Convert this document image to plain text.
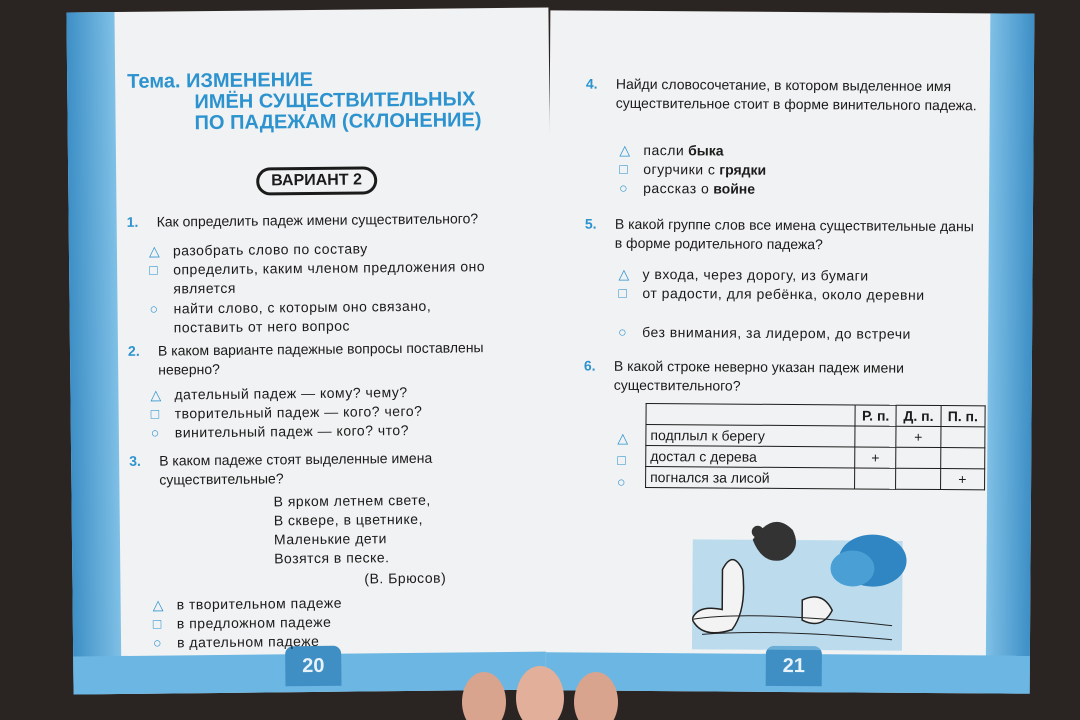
20
Тема. ИЗМЕНЕНИЕ
ИМЁН СУЩЕСТВИТЕЛЬНЫХ
ПО ПАДЕЖАМ (СКЛОНЕНИЕ)
ВАРИАНТ 2
1. Как определить падеж имени существительного?
△ разобрать слово по составу
□ определить, каким членом предложения оно является
○ найти слово, с которым оно связано, поставить от него вопрос
2. В каком варианте падежные вопросы поставлены неверно?
△ дательный падеж — кому? чему?
□ творительный падеж — кого? чего?
○ винительный падеж — кого? что?
3. В каком падеже стоят выделенные имена существительные?
В ярком летнем свете,
В сквере, в цветнике,
Маленькие дети
Возятся в песке.
(В. Брюсов)
△ в творительном падеже
□ в предложном падеже
○ в дательном падеже
21
4. Найди словосочетание, в котором выделенное имя существительное стоит в форме винительного падежа.
△ пасли быка
□ огурчики с грядки
○ рассказ о войне
5. В какой группе слов все имена существительные даны в форме родительного падежа?
△ у входа, через дорогу, из бумаги
□ от радости, для ребёнка, около деревни
○ без внимания, за лидером, до встречи
6. В какой строке неверно указан падеж имени существительного?
△
□
○
	Р. п.	Д. п.	П. п.
подплыл к берегу		+	
достал с дерева	+		
погнался за лисой			+
